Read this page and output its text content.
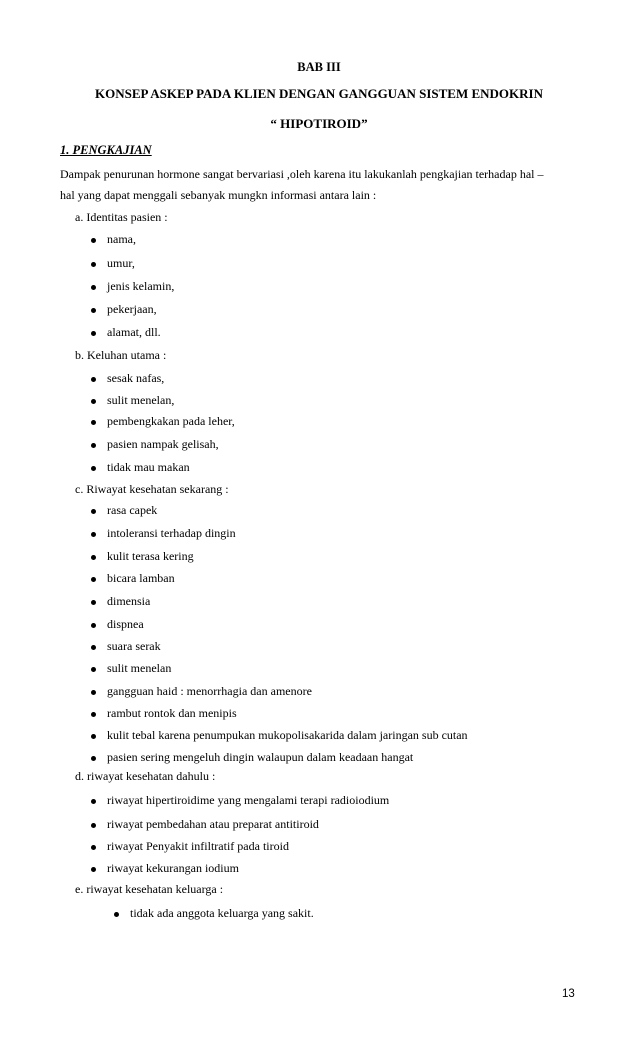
BAB III
KONSEP ASKEP PADA KLIEN DENGAN GANGGUAN SISTEM ENDOKRIN
“ HIPOTIROID”
1. PENGKAJIAN
Dampak penurunan hormone sangat bervariasi ,oleh karena itu lakukanlah pengkajian terhadap hal –
hal yang dapat menggali sebanyak mungkn informasi antara lain :
a. Identitas pasien :
nama,
umur,
jenis kelamin,
pekerjaan,
alamat, dll.
b. Keluhan utama :
sesak nafas,
sulit menelan,
pembengkakan pada leher,
pasien nampak gelisah,
tidak mau makan
c. Riwayat kesehatan sekarang :
rasa capek
intoleransi terhadap dingin
kulit terasa kering
bicara lamban
dimensia
dispnea
suara serak
sulit menelan
gangguan haid : menorrhagia dan amenore
rambut rontok dan menipis
kulit tebal karena penumpukan mukopolisakarida dalam jaringan sub cutan
pasien sering mengeluh dingin walaupun dalam keadaan hangat
d. riwayat kesehatan dahulu :
riwayat hipertiroidime yang mengalami terapi radioiodium
riwayat pembedahan atau preparat antitiroid
riwayat Penyakit infiltratif pada tiroid
riwayat kekurangan iodium
e. riwayat kesehatan keluarga :
tidak ada anggota keluarga yang sakit.
13
